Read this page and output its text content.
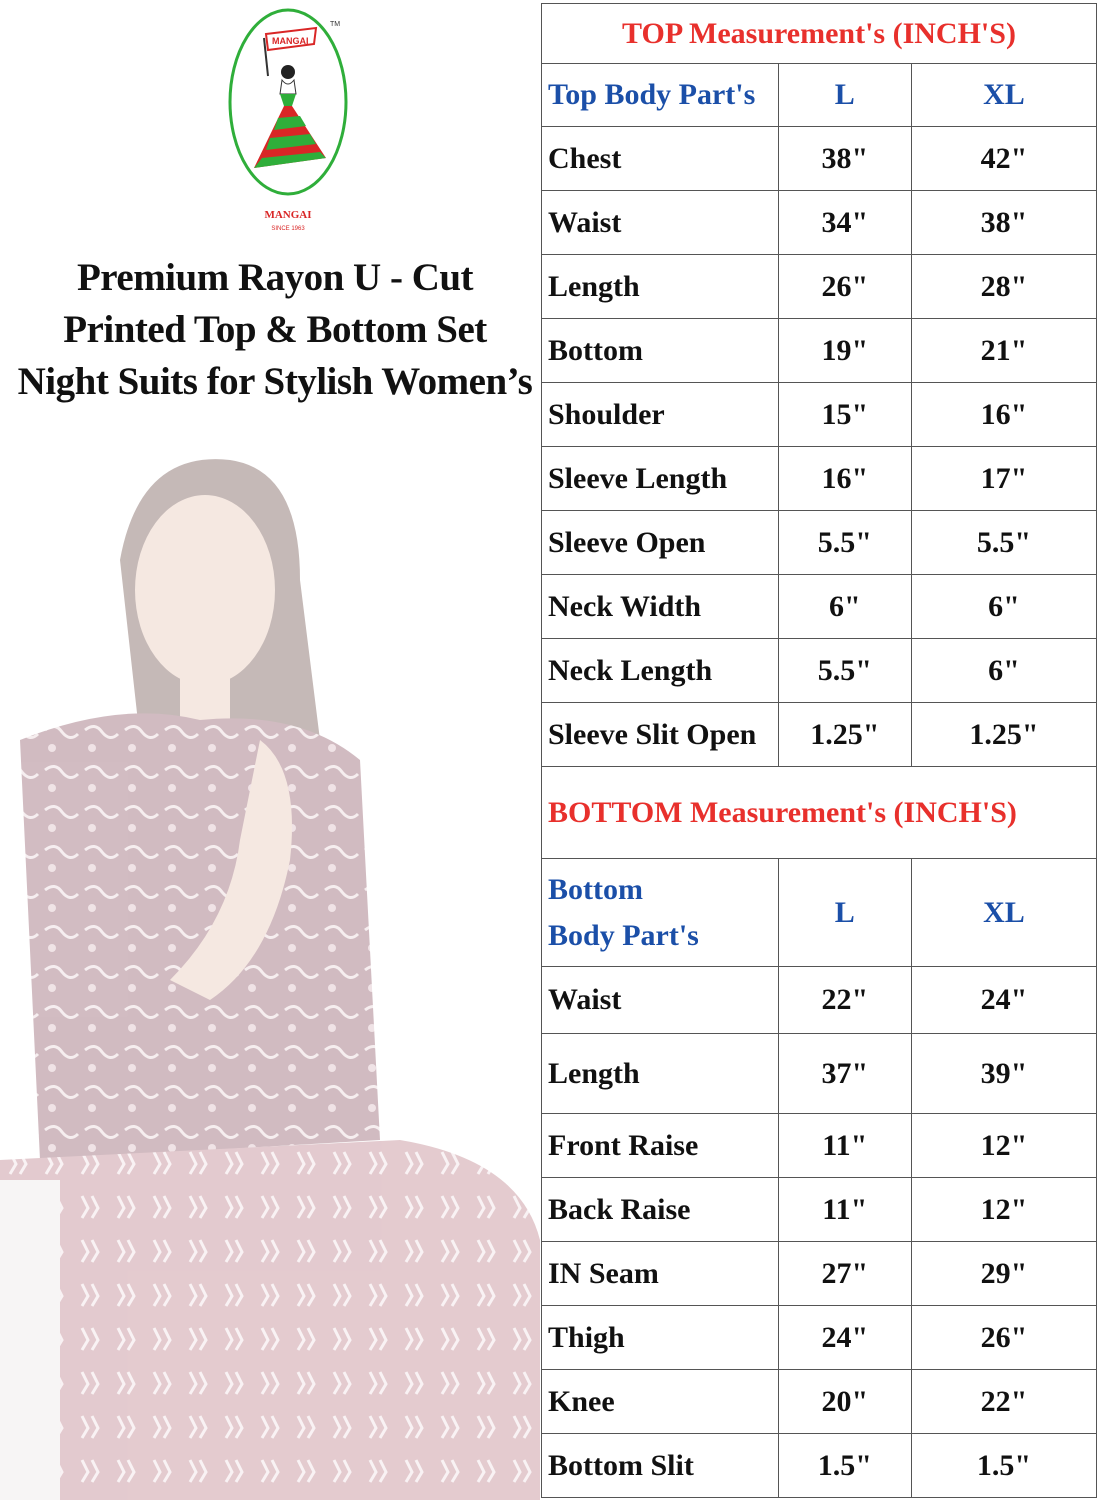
TM
MANGAI
MANGAI
SINCE 1963
Premium Rayon U - Cut
Printed Top & Bottom Set
Night Suits for Stylish Women’s
TOP Measurement's (INCH'S)		
Top Body Part's	L	XL
Chest	38"	42"
Waist	34"	38"
Length	26"	28"
Bottom	19"	21"
Shoulder	15"	16"
Sleeve Length	16"	17"
Sleeve Open	5.5"	5.5"
Neck Width	6"	6"
Neck Length	5.5"	6"
Sleeve Slit Open	1.25"	1.25"
BOTTOM Measurement's (INCH'S)		

Bottom
Body Part's	L	XL
Waist	22"	24"
Length	37"	39"
Front Raise	11"	12"
Back Raise	11"	12"
IN Seam	27"	29"
Thigh	24"	26"
Knee	20"	22"
Bottom Slit	1.5"	1.5"
